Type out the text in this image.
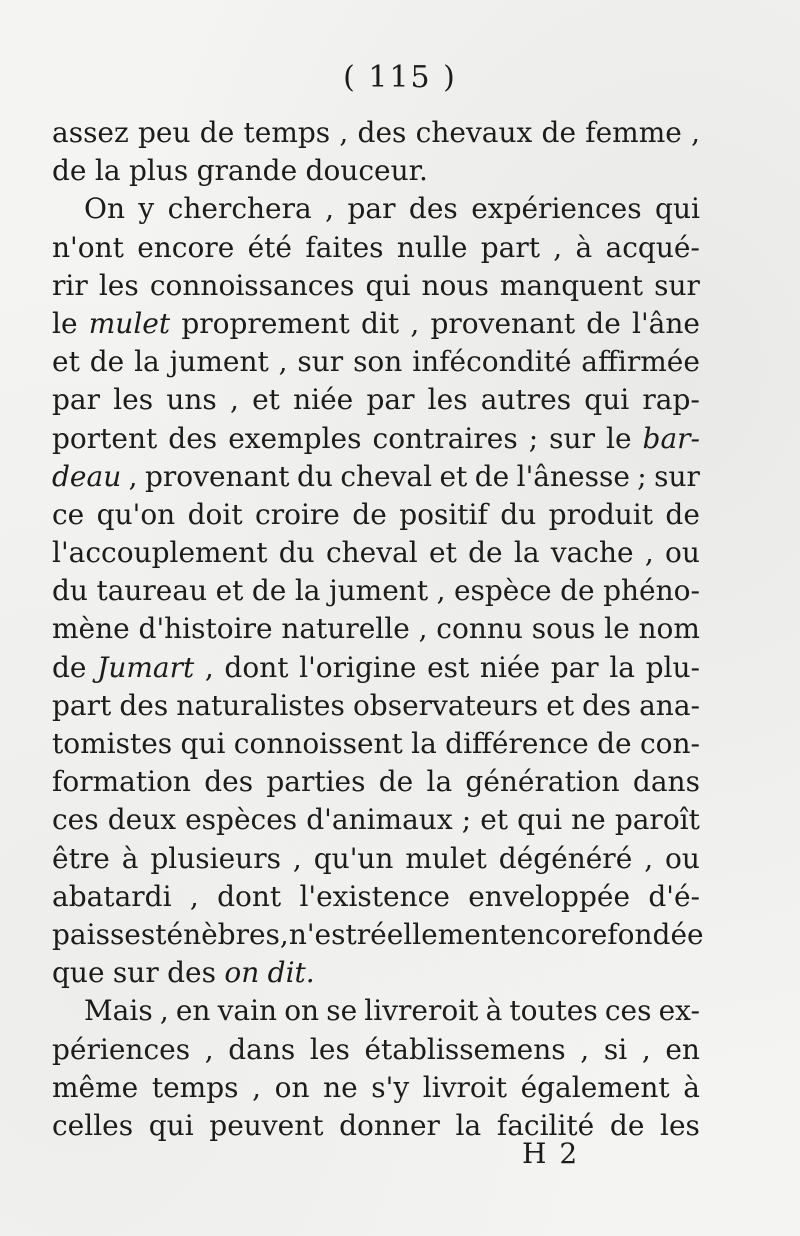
( 115 )
assez peu de temps , des chevaux de femme ,
de la plus grande douceur.
On y cherchera , par des expériences qui
n'ont encore été faites nulle part , à acqué-
rir les connoissances qui nous manquent sur
le mulet proprement dit , provenant de l'âne
et de la jument , sur son infécondité affirmée
par les uns , et niée par les autres qui rap-
portent des exemples contraires ; sur le bar-
deau , provenant du cheval et de l'ânesse ; sur
ce qu'on doit croire de positif du produit de
l'accouplement du cheval et de la vache , ou
du taureau et de la jument , espèce de phéno-
mène d'histoire naturelle , connu sous le nom
de Jumart , dont l'origine est niée par la plu-
part des naturalistes observateurs et des ana-
tomistes qui connoissent la différence de con-
formation des parties de la génération dans
ces deux espèces d'animaux ; et qui ne paroît
être à plusieurs , qu'un mulet dégénéré , ou
abatardi , dont l'existence enveloppée d'é-
paisses ténèbres, n'est réellement encore fondée
que sur des on dit.
Mais , en vain on se livreroit à toutes ces ex-
périences , dans les établissemens , si , en
même temps , on ne s'y livroit également à
celles qui peuvent donner la facilité de les
H 2
